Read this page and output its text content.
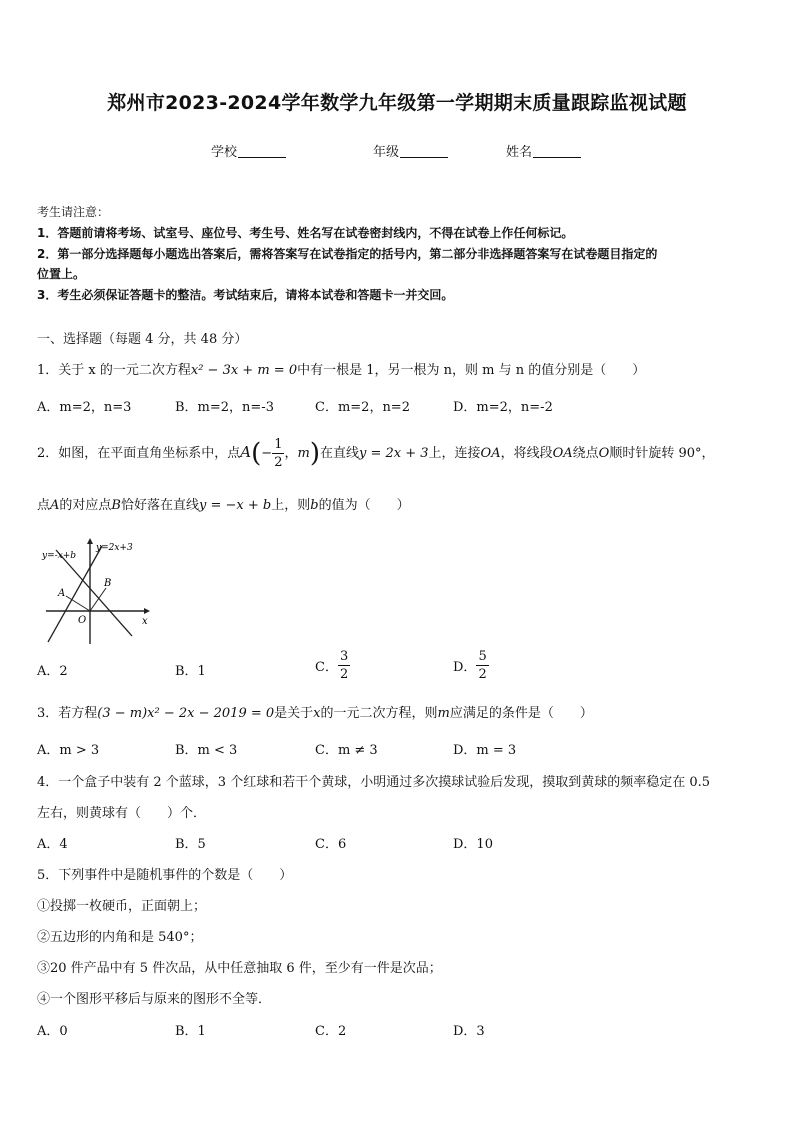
郑州市2023-2024学年数学九年级第一学期期末质量跟踪监视试题
学校	年级	姓名
考生请注意：
1．答题前请将考场、试室号、座位号、考生号、姓名写在试卷密封线内，不得在试卷上作任何标记。
2．第一部分选择题每小题选出答案后，需将答案写在试卷指定的括号内，第二部分非选择题答案写在试卷题目指定的
位置上。
3．考生必须保证答题卡的整洁。考试结束后，请将本试卷和答题卡一并交回。
一、选择题（每题 4 分，共 48 分）
1．关于 x 的一元二次方程x² − 3x + m = 0中有一根是 1，另一根为 n，则 m 与 n 的值分别是（　　）
A．m=2，n=3	B．m=2，n=-3	C．m=2，n=2	D．m=2，n=-2
2．如图，在平面直角坐标系中，点$A(- \frac{1}{2}$ ，m)在直线y = 2x + 3上，连接OA，将线段OA绕点O顺时针旋转 90°，
点A的对应点B恰好落在直线y = −x + b上，则b的值为（　　）
y=-x+b
y=2x+3
A
B
O	x
A．2	B．1	C． $\frac{3}{2}$	D． $\frac{5}{2}$
3．若方程(3 − m)x² − 2x − 2019 = 0是关于x的一元二次方程，则m应满足的条件是（　　）
A．m > 3	B．m < 3	C．m ≠ 3	D．m = 3
4．一个盒子中装有 2 个蓝球，3 个红球和若干个黄球，小明通过多次摸球试验后发现，摸取到黄球的频率稳定在 0.5
左右，则黄球有（　　）个．
A．4	B．5	C．6	D．10
5．下列事件中是随机事件的个数是（　　）
①投掷一枚硬币，正面朝上；
②五边形的内角和是 540°；
③20 件产品中有 5 件次品，从中任意抽取 6 件，至少有一件是次品；
④一个图形平移后与原来的图形不全等．
A．0	B．1	C．2	D．3
